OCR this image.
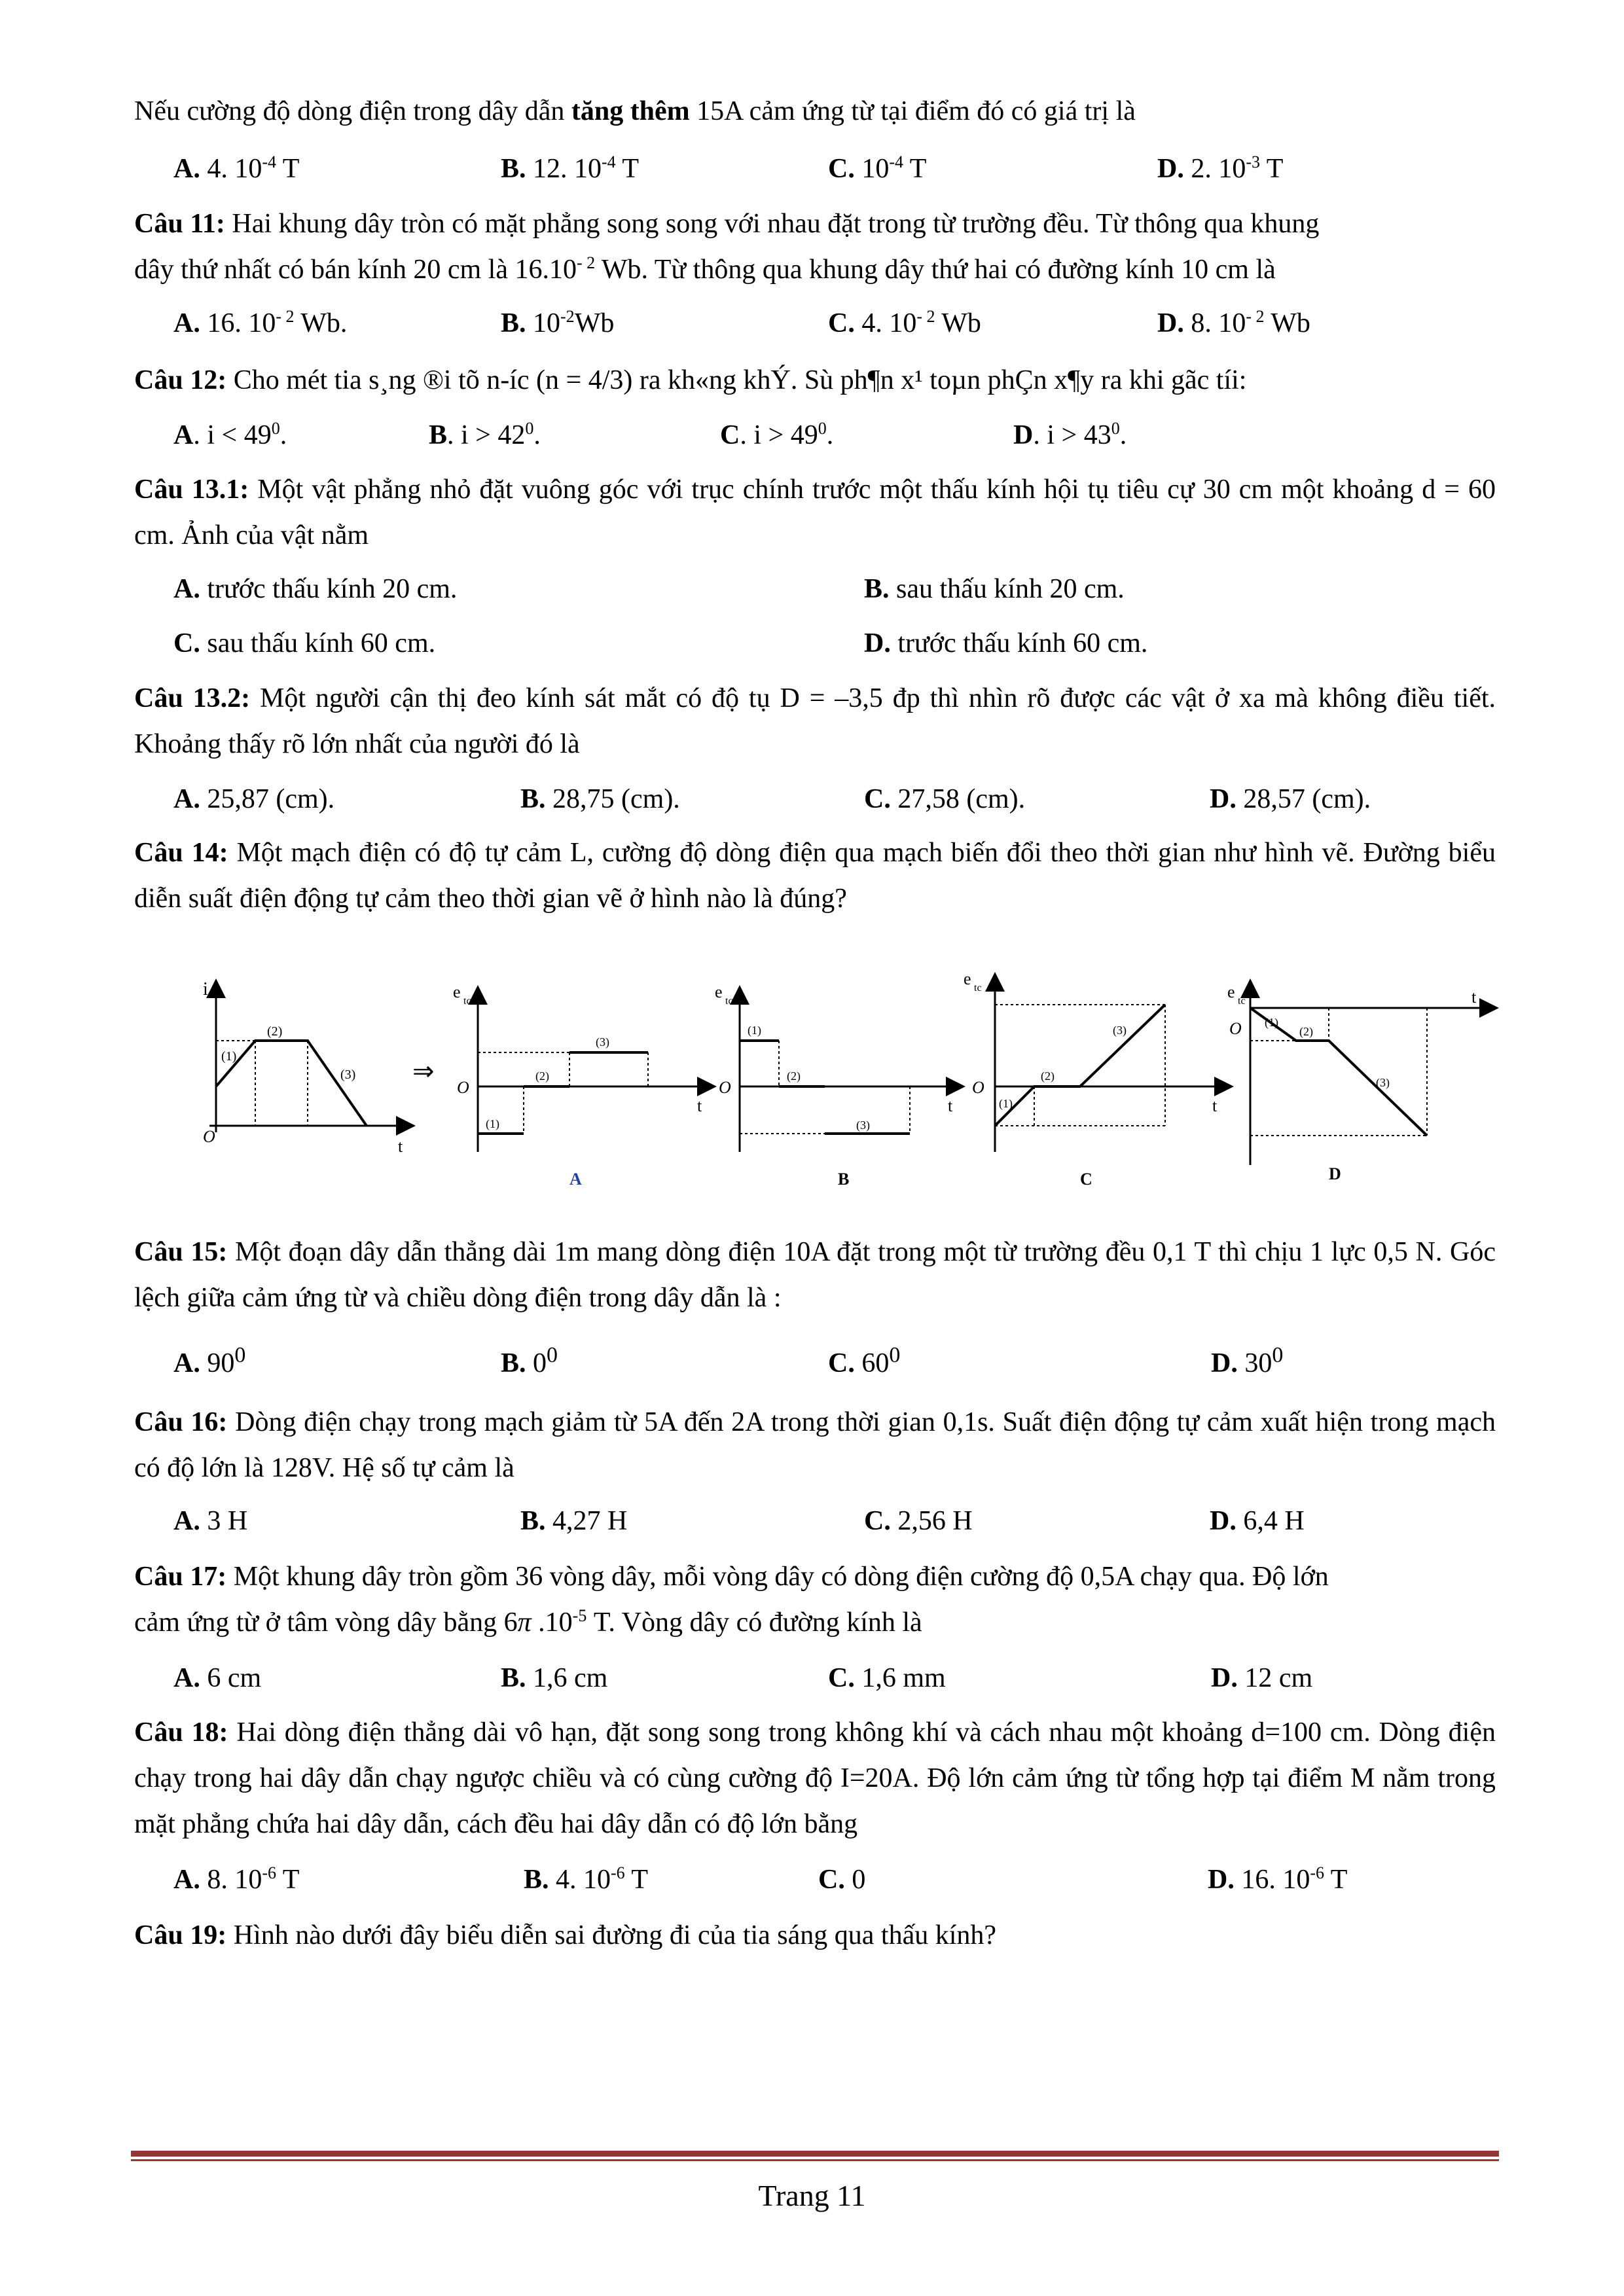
Nếu cường độ dòng điện trong dây dẫn tăng thêm 15A cảm ứng từ tại điểm đó có giá trị là
A. 4. $10^{-4}$ T	B. 12. $10^{-4}$ T	C. $10^{-4}$ T	D. 2. $10^{-3}$ T
Câu 11: Hai khung dây tròn có mặt phẳng song song với nhau đặt trong từ trường đều. Từ thông qua khung
dây thứ nhất có bán kính 20 cm là $16.10^{- 2}$ Wb. Từ thông qua khung dây thứ hai có đường kính 10 cm là
A. 16. $10^{- 2}$ Wb.	B. $10^{-2}Wb$	C. 4. $10^{- 2}$ Wb	D. 8. $10^{- 2}$ Wb
Câu 12: Cho mét tia s¸ng ®i tõ n-íc (n = 4/3) ra kh«ng khÝ. Sù ph¶n x¹ toµn phÇn x¶y ra khi gãc tíi:
A. $i < 49^0$.	B. $i > 42^0$.	C. $i > 49^0$.	D. $i > 43^0$.
Câu 13.1: Một vật phẳng nhỏ đặt vuông góc với trục chính trước một thấu kính hội tụ tiêu cự 30 cm một khoảng d = 60 cm. Ảnh của vật nằm
A. trước thấu kính 20 cm.	B. sau thấu kính 20 cm.
C. sau thấu kính 60 cm.	D. trước thấu kính 60 cm.
Câu 13.2: Một người cận thị đeo kính sát mắt có độ tụ D = –3,5 đp thì nhìn rõ được các vật ở xa mà không điều tiết. Khoảng thấy rõ lớn nhất của người đó là
A. 25,87 (cm).	B. 28,75 (cm).	C. 27,58 (cm).	D. 28,57 (cm).
Câu 14: Một mạch điện có độ tự cảm L, cường độ dòng điện qua mạch biến đổi theo thời gian như hình vẽ. Đường biểu diễn suất điện động tự cảm theo thời gian vẽ ở hình nào là đúng?
i
O
t
(1)
(2)
(3) ⇒
e tc
O
t
(1)
(2)
(3)
A
e tc
O
t
(1)
(2)
(3)
B
e tc
O
t
(1)
(2)
(3)
C
e tc
O
t
(1)
(2)
(3)
D
Câu 15: Một đoạn dây dẫn thẳng dài 1m mang dòng điện 10A đặt trong một từ trường đều 0,1 T thì chịu 1 lực 0,5 N. Góc lệch giữa cảm ứng từ và chiều dòng điện trong dây dẫn là :
A. $90^0$	B. $0^0$	C. $60^0$	D. $30^0$
Câu 16: Dòng điện chạy trong mạch giảm từ 5A đến 2A trong thời gian 0,1s. Suất điện động tự cảm xuất hiện trong mạch có độ lớn là 128V. Hệ số tự cảm là
A. 3 H	B. 4,27 H	C. 2,56 H	D. 6,4 H
Câu 17: Một khung dây tròn gồm 36 vòng dây, mỗi vòng dây có dòng điện cường độ 0,5A chạy qua. Độ lớn
cảm ứng từ ở tâm vòng dây bằng 6π $.10^{-5}$ T. Vòng dây có đường kính là
A. 6 cm	B. 1,6 cm	C. 1,6 mm	D. 12 cm
Câu 18: Hai dòng điện thẳng dài vô hạn, đặt song song trong không khí và cách nhau một khoảng d=100 cm. Dòng điện chạy trong hai dây dẫn chạy ngược chiều và có cùng cường độ I=20A. Độ lớn cảm ứng từ tổng hợp tại điểm M nằm trong mặt phẳng chứa hai dây dẫn, cách đều hai dây dẫn có độ lớn bằng
A. 8. $10^{-6}$ T	B. 4. $10^{-6}$ T	C. 0	D. 16. $10^{-6}$ T
Câu 19: Hình nào dưới đây biểu diễn sai đường đi của tia sáng qua thấu kính?
Trang 11
